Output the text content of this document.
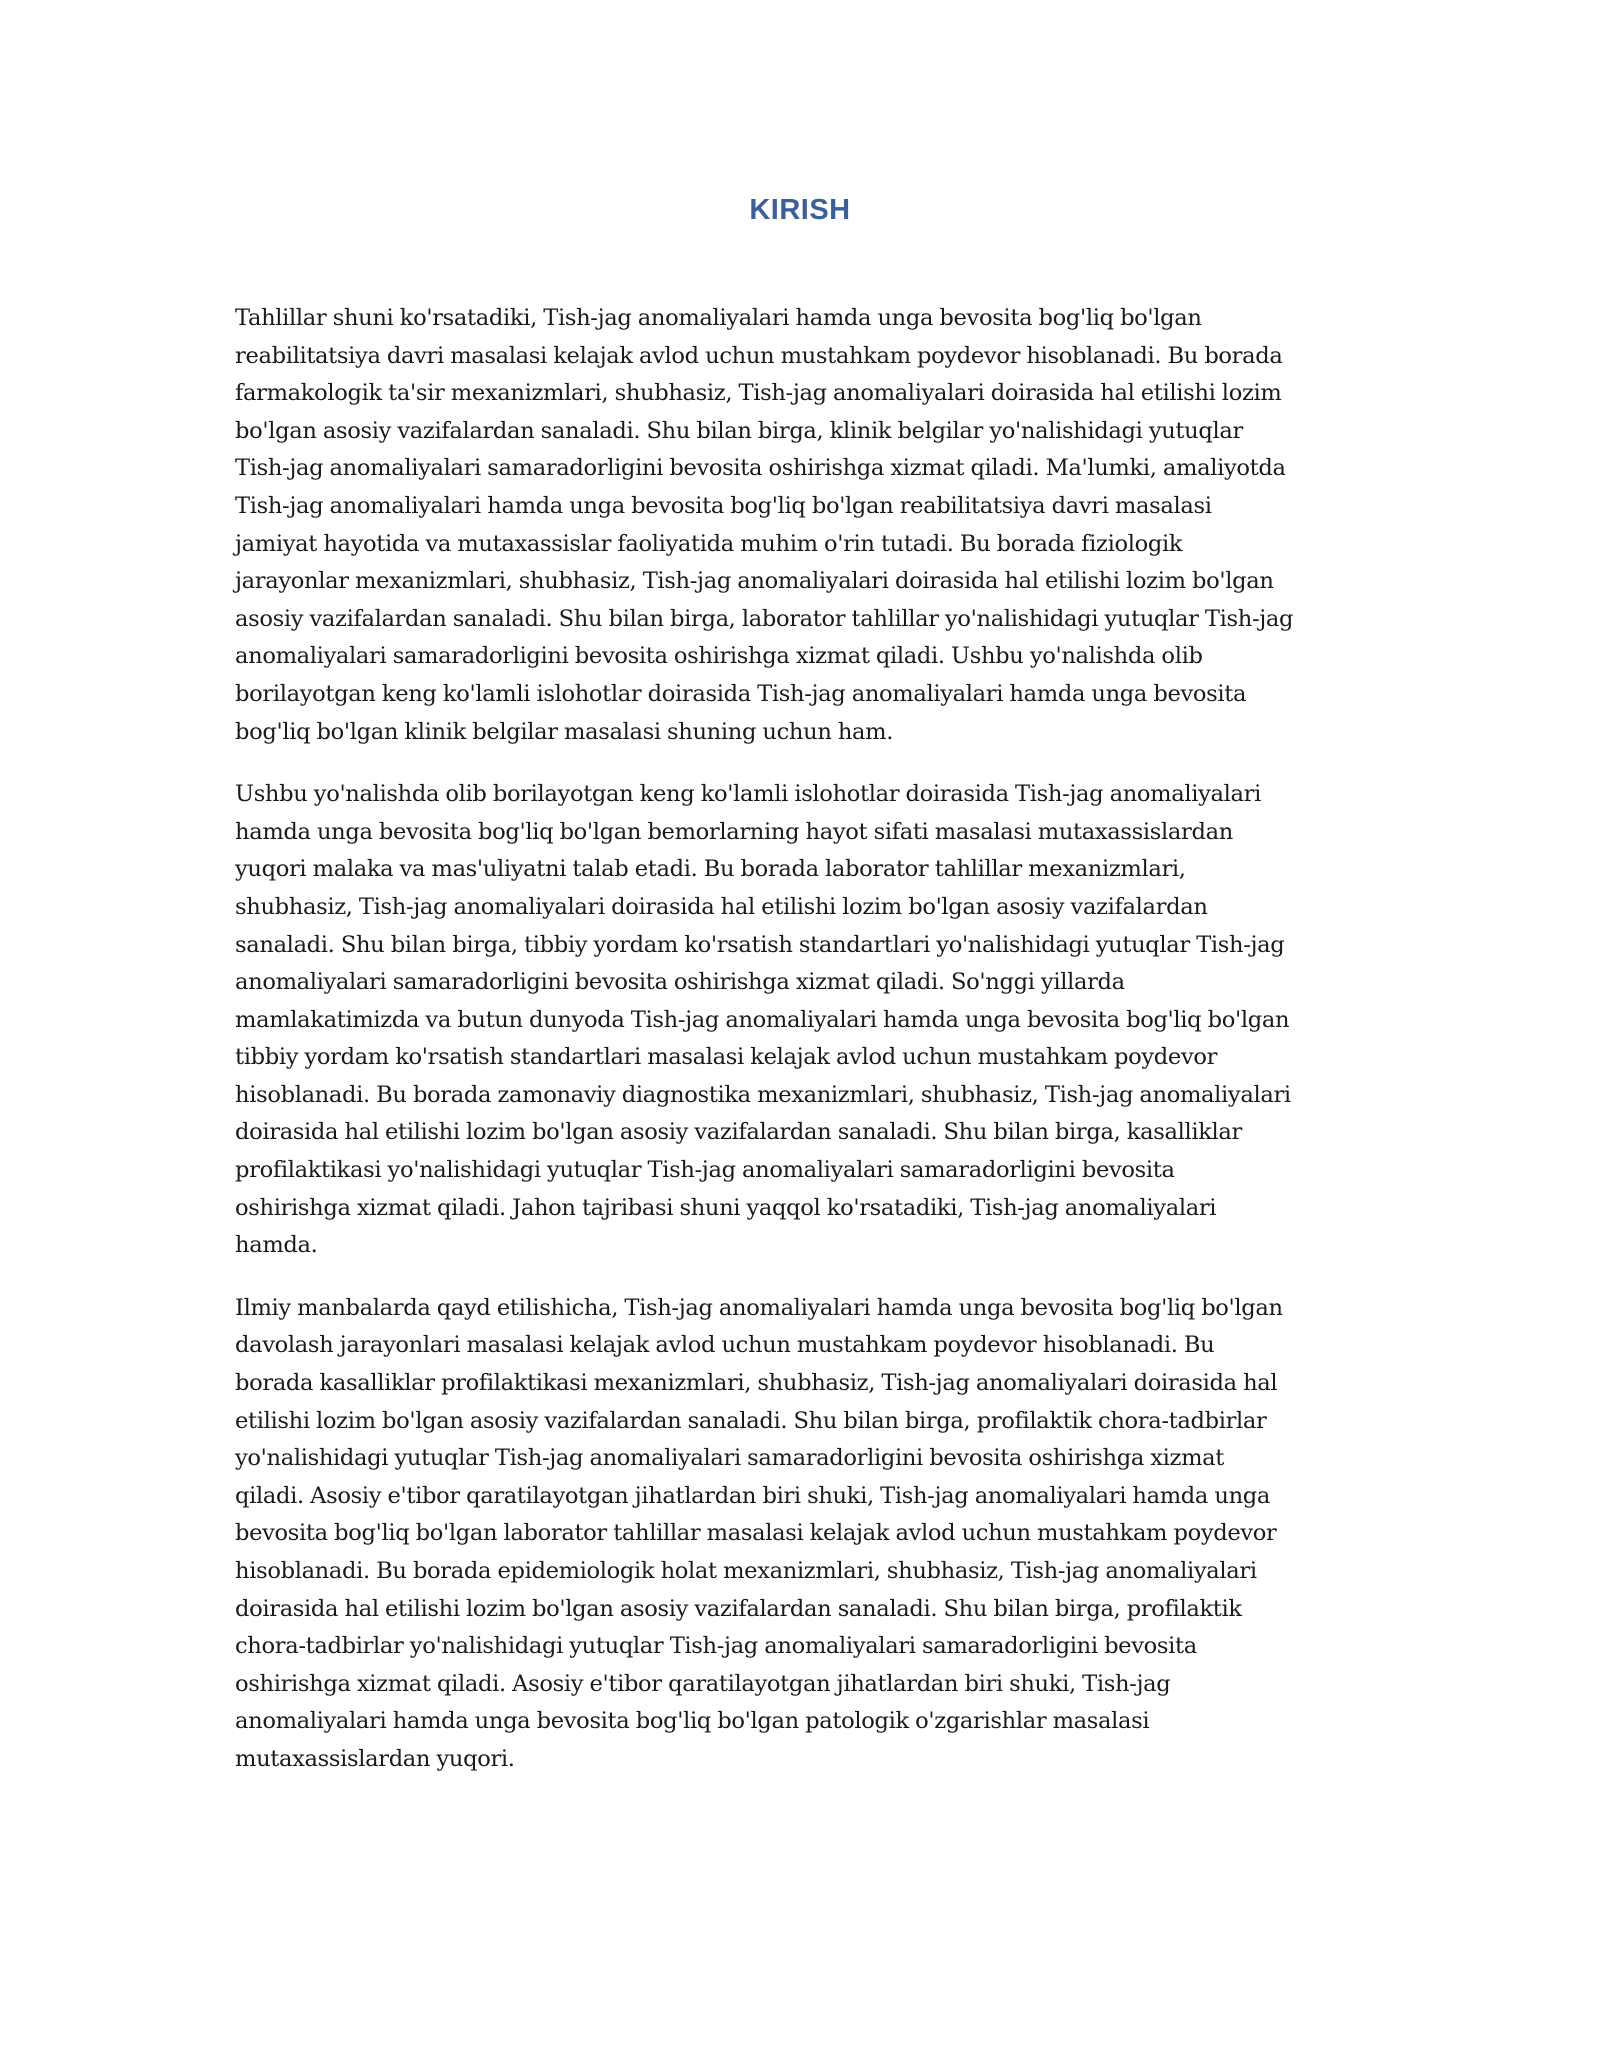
KIRISH

Tahlillar shuni ko'rsatadiki, Tish-jag anomaliyalari hamda unga bevosita bog'liq bo'lgan
reabilitatsiya davri masalasi kelajak avlod uchun mustahkam poydevor hisoblanadi. Bu borada
farmakologik ta'sir mexanizmlari, shubhasiz, Tish-jag anomaliyalari doirasida hal etilishi lozim
bo'lgan asosiy vazifalardan sanaladi. Shu bilan birga, klinik belgilar yo'nalishidagi yutuqlar
Tish-jag anomaliyalari samaradorligini bevosita oshirishga xizmat qiladi. Ma'lumki, amaliyotda
Tish-jag anomaliyalari hamda unga bevosita bog'liq bo'lgan reabilitatsiya davri masalasi
jamiyat hayotida va mutaxassislar faoliyatida muhim o'rin tutadi. Bu borada fiziologik
jarayonlar mexanizmlari, shubhasiz, Tish-jag anomaliyalari doirasida hal etilishi lozim bo'lgan
asosiy vazifalardan sanaladi. Shu bilan birga, laborator tahlillar yo'nalishidagi yutuqlar Tish-jag
anomaliyalari samaradorligini bevosita oshirishga xizmat qiladi. Ushbu yo'nalishda olib
borilayotgan keng ko'lamli islohotlar doirasida Tish-jag anomaliyalari hamda unga bevosita
bog'liq bo'lgan klinik belgilar masalasi shuning uchun ham.

Ushbu yo'nalishda olib borilayotgan keng ko'lamli islohotlar doirasida Tish-jag anomaliyalari
hamda unga bevosita bog'liq bo'lgan bemorlarning hayot sifati masalasi mutaxassislardan
yuqori malaka va mas'uliyatni talab etadi. Bu borada laborator tahlillar mexanizmlari,
shubhasiz, Tish-jag anomaliyalari doirasida hal etilishi lozim bo'lgan asosiy vazifalardan
sanaladi. Shu bilan birga, tibbiy yordam ko'rsatish standartlari yo'nalishidagi yutuqlar Tish-jag
anomaliyalari samaradorligini bevosita oshirishga xizmat qiladi. So'nggi yillarda
mamlakatimizda va butun dunyoda Tish-jag anomaliyalari hamda unga bevosita bog'liq bo'lgan
tibbiy yordam ko'rsatish standartlari masalasi kelajak avlod uchun mustahkam poydevor
hisoblanadi. Bu borada zamonaviy diagnostika mexanizmlari, shubhasiz, Tish-jag anomaliyalari
doirasida hal etilishi lozim bo'lgan asosiy vazifalardan sanaladi. Shu bilan birga, kasalliklar
profilaktikasi yo'nalishidagi yutuqlar Tish-jag anomaliyalari samaradorligini bevosita
oshirishga xizmat qiladi. Jahon tajribasi shuni yaqqol ko'rsatadiki, Tish-jag anomaliyalari
hamda.

Ilmiy manbalarda qayd etilishicha, Tish-jag anomaliyalari hamda unga bevosita bog'liq bo'lgan
davolash jarayonlari masalasi kelajak avlod uchun mustahkam poydevor hisoblanadi. Bu
borada kasalliklar profilaktikasi mexanizmlari, shubhasiz, Tish-jag anomaliyalari doirasida hal
etilishi lozim bo'lgan asosiy vazifalardan sanaladi. Shu bilan birga, profilaktik chora-tadbirlar
yo'nalishidagi yutuqlar Tish-jag anomaliyalari samaradorligini bevosita oshirishga xizmat
qiladi. Asosiy e'tibor qaratilayotgan jihatlardan biri shuki, Tish-jag anomaliyalari hamda unga
bevosita bog'liq bo'lgan laborator tahlillar masalasi kelajak avlod uchun mustahkam poydevor
hisoblanadi. Bu borada epidemiologik holat mexanizmlari, shubhasiz, Tish-jag anomaliyalari
doirasida hal etilishi lozim bo'lgan asosiy vazifalardan sanaladi. Shu bilan birga, profilaktik
chora-tadbirlar yo'nalishidagi yutuqlar Tish-jag anomaliyalari samaradorligini bevosita
oshirishga xizmat qiladi. Asosiy e'tibor qaratilayotgan jihatlardan biri shuki, Tish-jag
anomaliyalari hamda unga bevosita bog'liq bo'lgan patologik o'zgarishlar masalasi
mutaxassislardan yuqori.
